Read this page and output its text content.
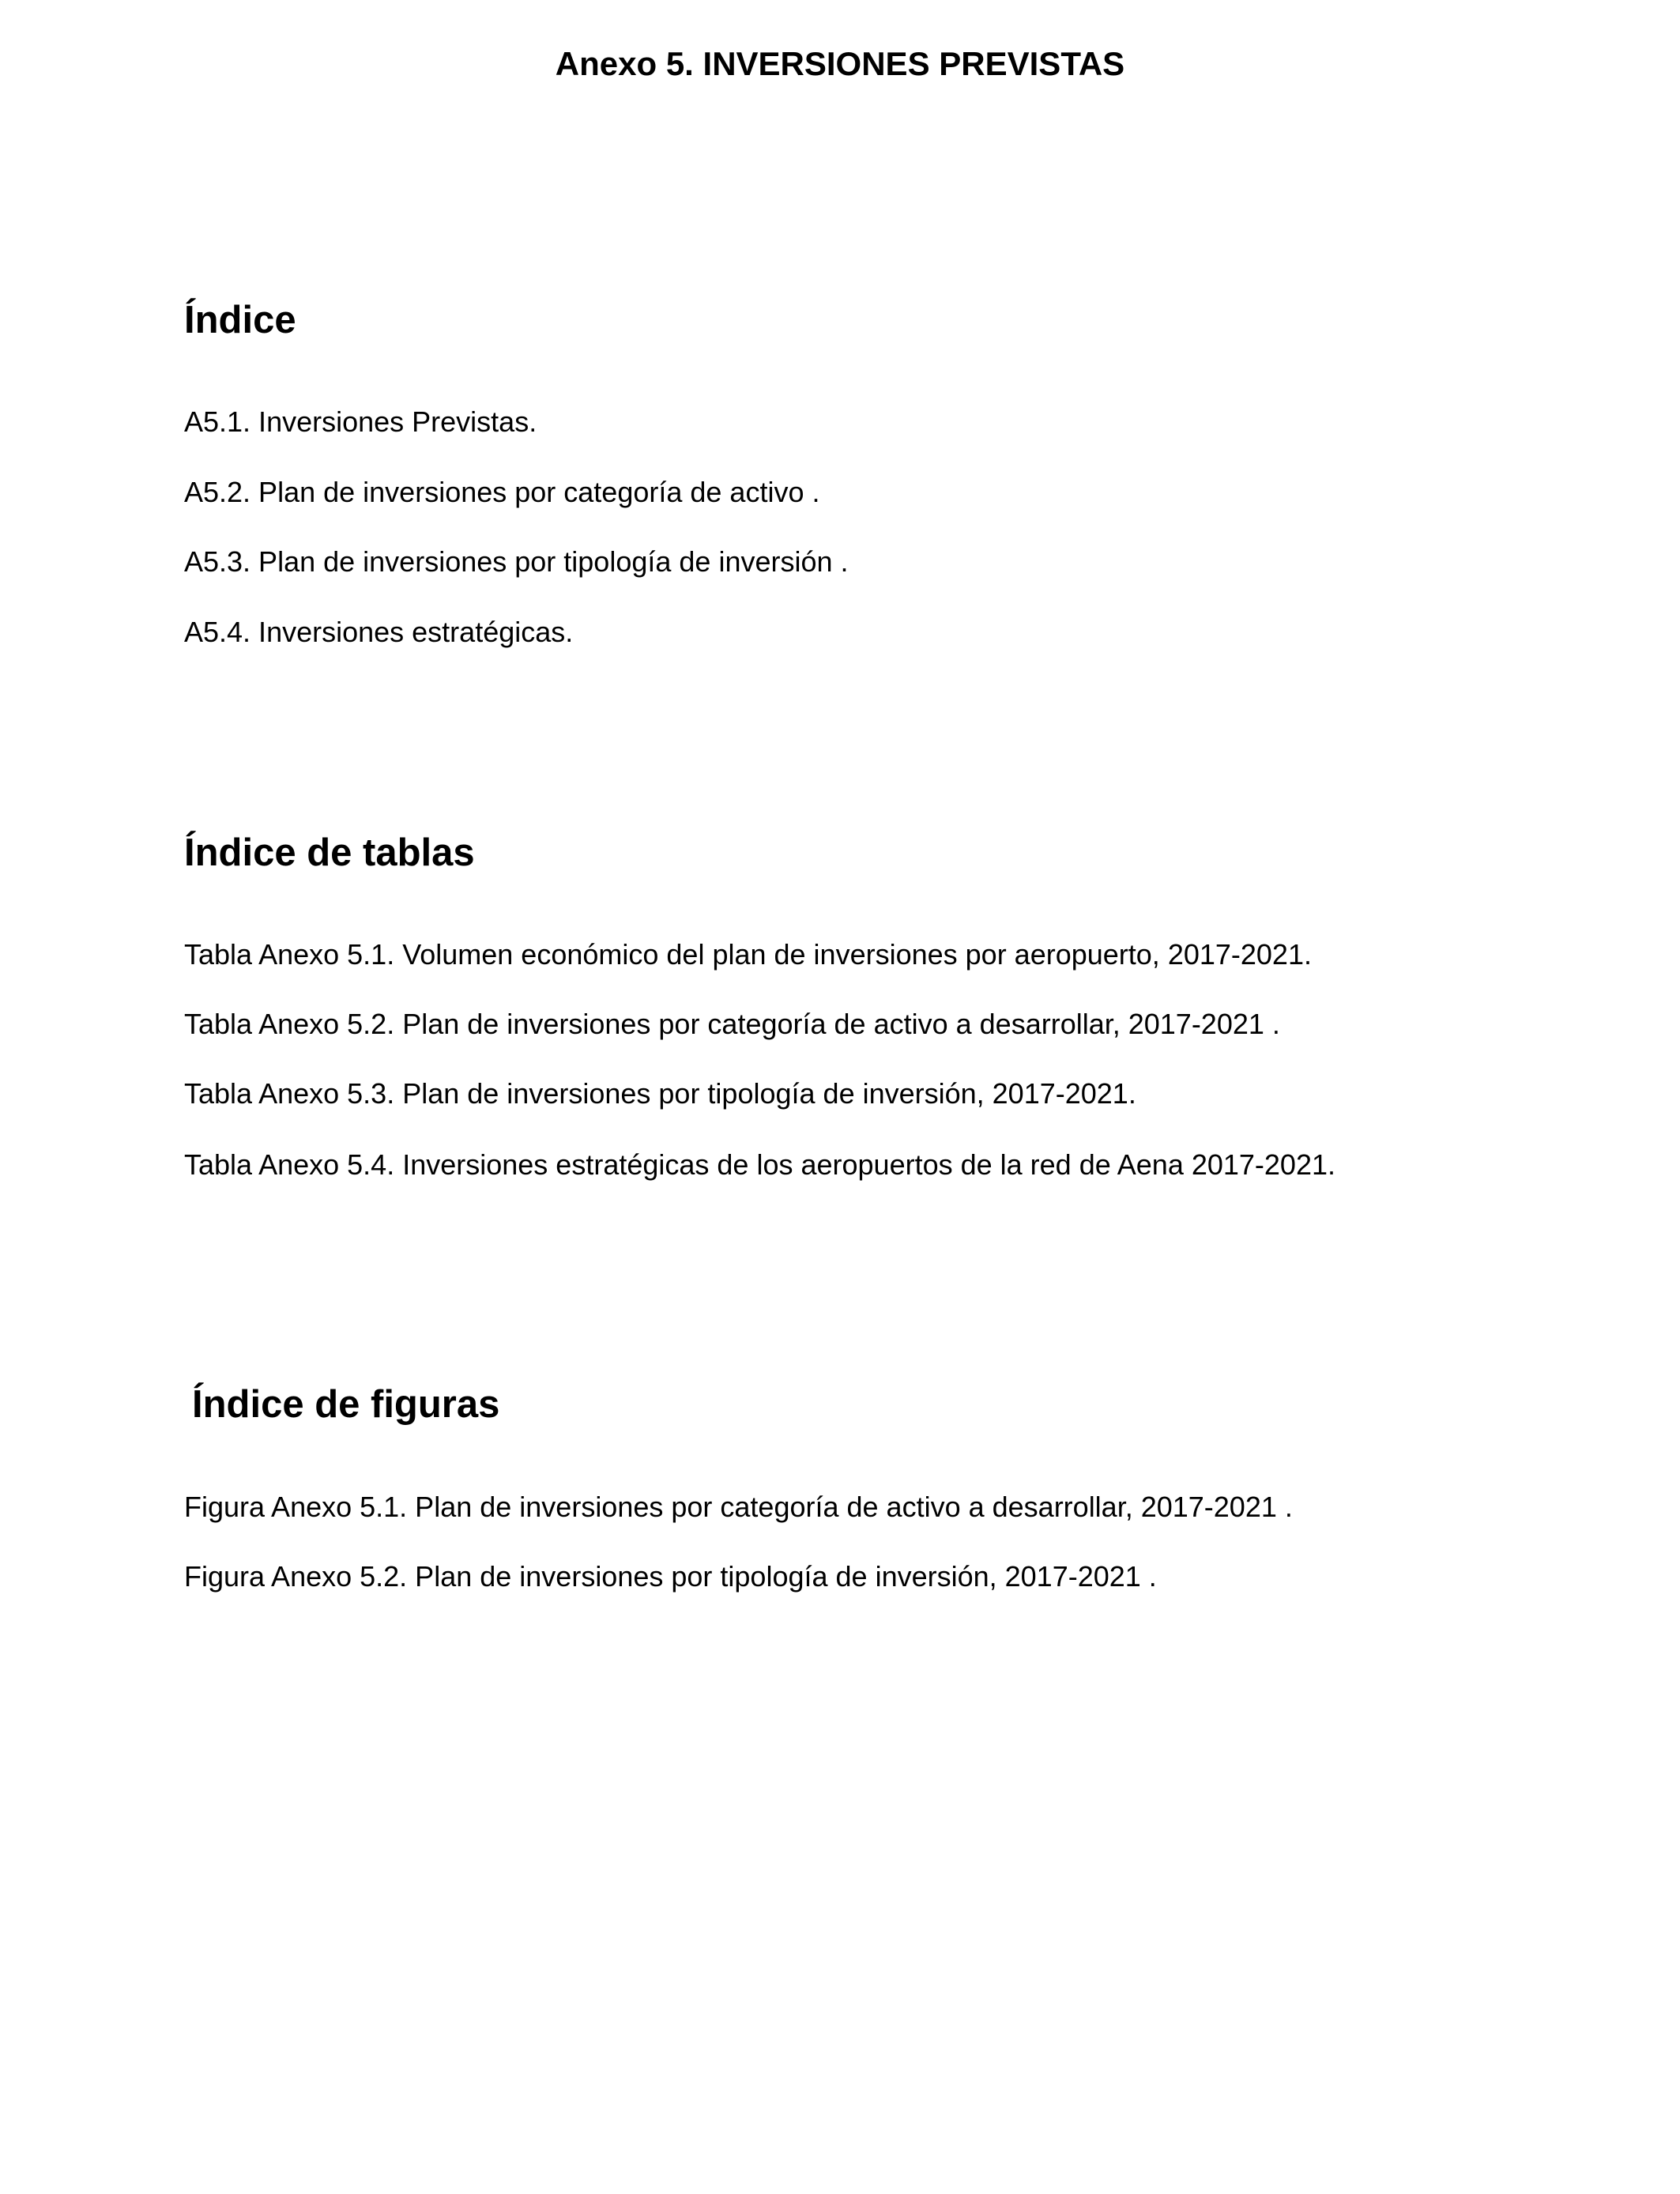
Anexo 5. INVERSIONES PREVISTAS
Índice

A5.1. Inversiones Previstas.

A5.2. Plan de inversiones por categoría de activo .

A5.3. Plan de inversiones por tipología de inversión .

A5.4. Inversiones estratégicas.

Índice de tablas

Tabla Anexo 5.1. Volumen económico del plan de inversiones por aeropuerto, 2017-2021.

Tabla Anexo 5.2. Plan de inversiones por categoría de activo a desarrollar, 2017-2021 .

Tabla Anexo 5.3. Plan de inversiones por tipología de inversión, 2017-2021.

Tabla Anexo 5.4. Inversiones estratégicas de los aeropuertos de la red de Aena 2017-2021.

Índice de figuras

Figura Anexo 5.1. Plan de inversiones por categoría de activo a desarrollar, 2017-2021 .

Figura Anexo 5.2. Plan de inversiones por tipología de inversión, 2017-2021 .
